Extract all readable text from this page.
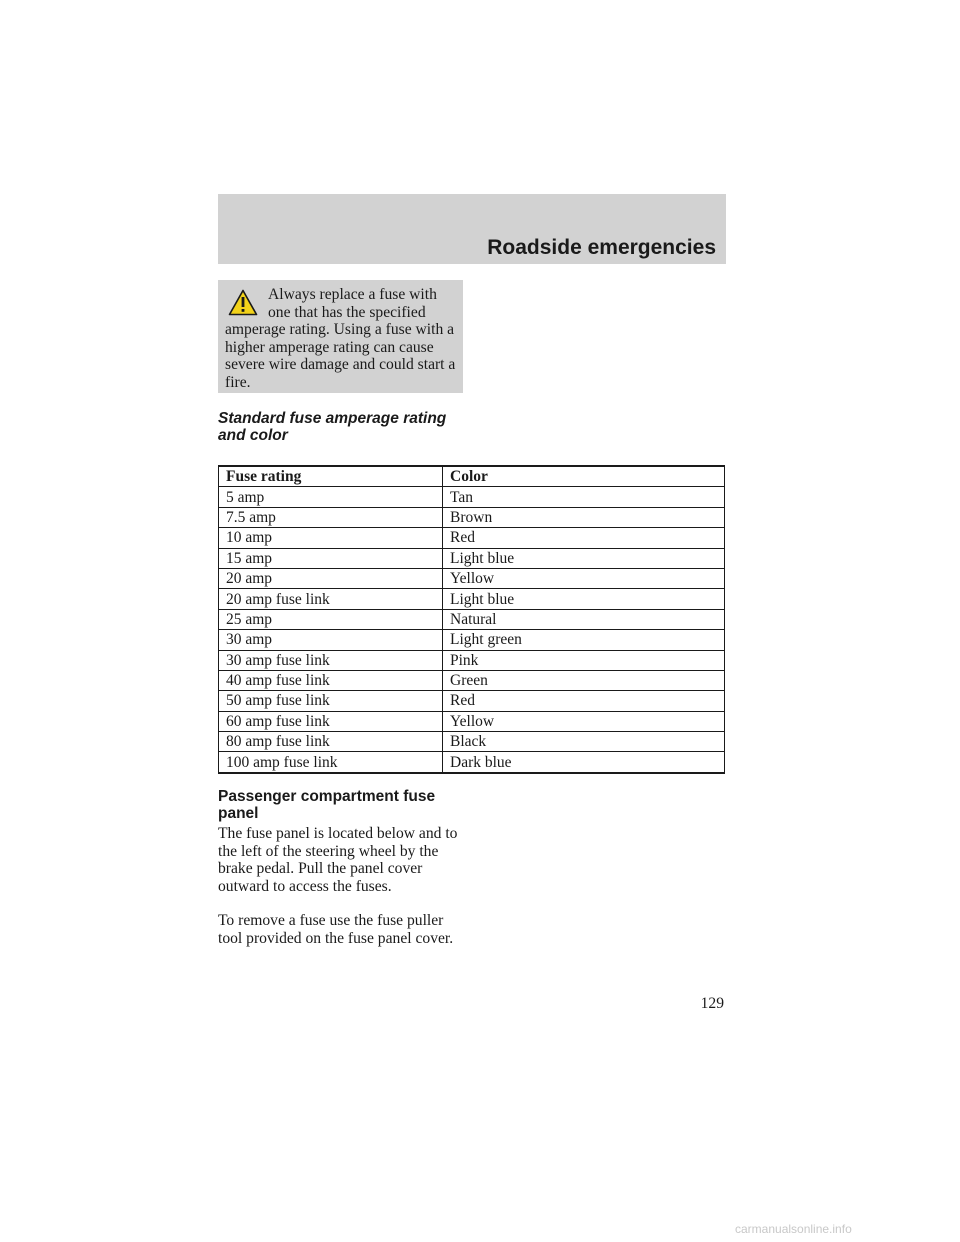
Roadside emergencies
Always replace a fuse with
one that has the specified
amperage rating. Using a fuse with a higher amperage rating can cause severe wire damage and could start a fire.
Standard fuse amperage rating and color
Fuse rating	Color
5 amp	Tan
7.5 amp	Brown
10 amp	Red
15 amp	Light blue
20 amp	Yellow
20 amp fuse link	Light blue
25 amp	Natural
30 amp	Light green
30 amp fuse link	Pink
40 amp fuse link	Green
50 amp fuse link	Red
60 amp fuse link	Yellow
80 amp fuse link	Black
100 amp fuse link	Dark blue
Passenger compartment fuse panel
The fuse panel is located below and to the left of the steering wheel by the brake pedal. Pull the panel cover outward to access the fuses.
To remove a fuse use the fuse puller tool provided on the fuse panel cover.
129
carmanualsonline.info
